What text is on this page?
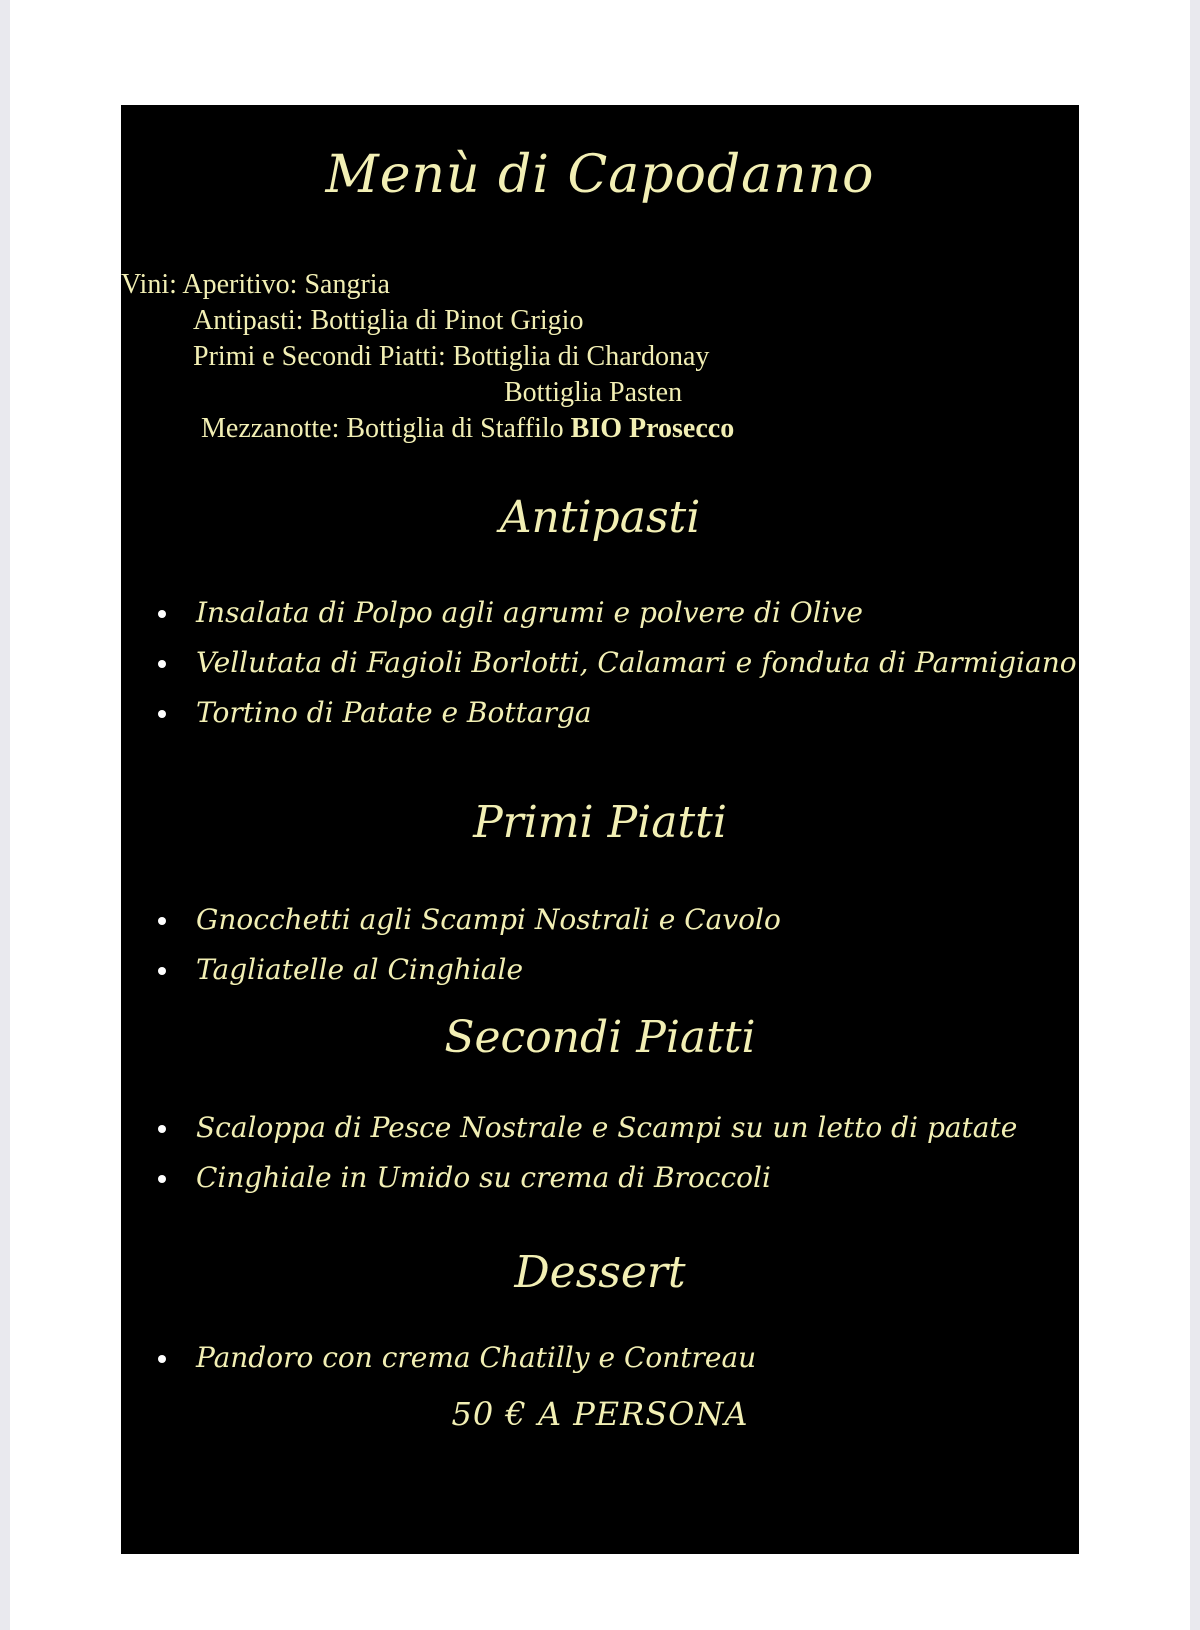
Menù di Capodanno
Vini: Aperitivo: Sangria
Antipasti: Bottiglia di Pinot Grigio
Primi e Secondi Piatti: Bottiglia di Chardonay
Bottiglia Pasten
Mezzanotte: Bottiglia di Staffilo BIO Prosecco
Antipasti
Insalata di Polpo agli agrumi e polvere di Olive
Vellutata di Fagioli Borlotti, Calamari e fonduta di Parmigiano
Tortino di Patate e Bottarga
Primi Piatti
Gnocchetti agli Scampi Nostrali e Cavolo
Tagliatelle al Cinghiale
Secondi Piatti
Scaloppa di Pesce Nostrale e Scampi su un letto di patate
Cinghiale in Umido su crema di Broccoli
Dessert
Pandoro con crema Chatilly e Contreau
50 € A PERSONA
